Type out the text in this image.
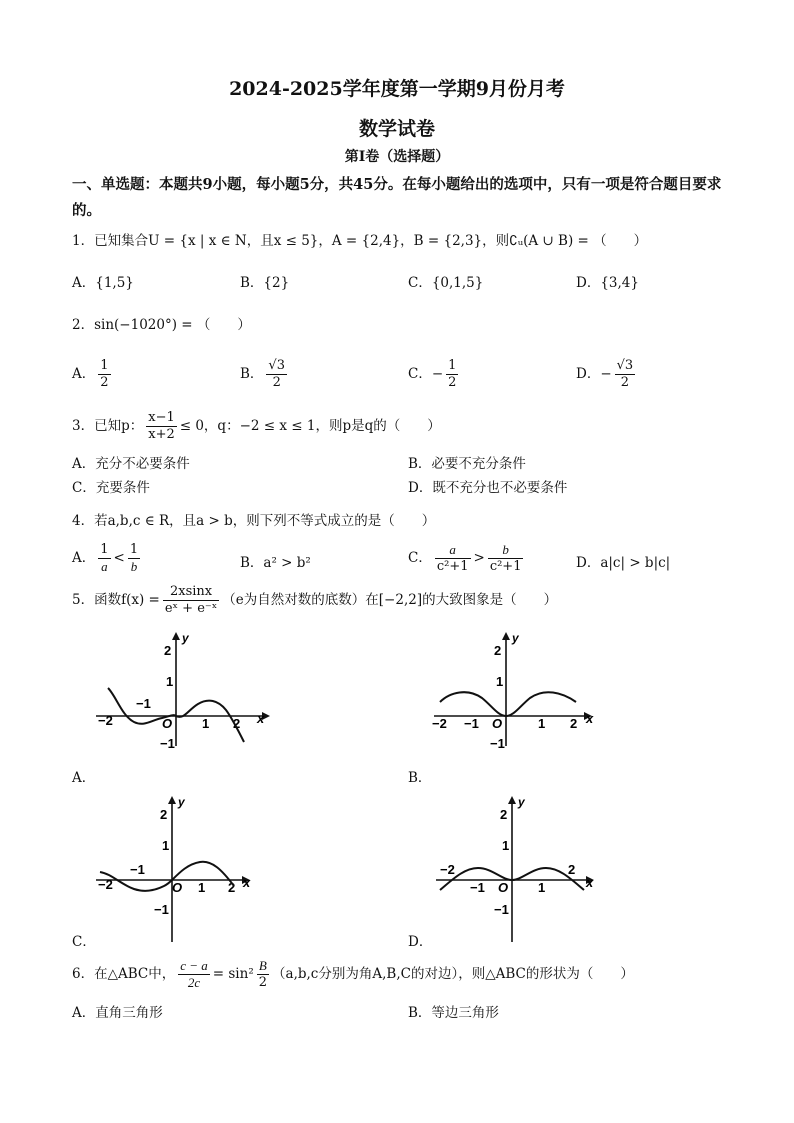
2024-2025学年度第一学期9月份月考
数学试卷
第Ⅰ卷（选择题）
一、单选题：本题共9小题，每小题5分，共45分。在每小题给出的选项中，只有一项是符合题目要求的。
1．已知集合U = {x | x ∈ N，且x ≤ 5}，A = {2,4}，B = {2,3}，则∁ᵤ(A ∪ B) = （　　）
A．{1,5}	B．{2}	C．{0,1,5}	D．{3,4}
2．sin(−1020°) = （　　）
A． $\frac{1}{2}$	B． $\frac{√3}{2}$	C．− $\frac{1}{2}$	D．− $\frac{√3}{2}$
3．已知p： $\frac{x-1}{x+2} \le 0$，q：−2 ≤ x ≤ 1，则p是q的（　　）
A．充分不必要条件	B．必要不充分条件
C．充要条件	D．既不充分也不必要条件
4．若a,b,c ∈ R，且a > b，则下列不等式成立的是（　　）
A． $\frac{1}{a} < \frac{1}{b}$	B．a² > b²	C． $\frac{a}{\text{c²+1}} > \frac{b}{\text{c²+1}}$	D．a|c| > b|c|
5．函数$f(x) = \frac{2xsinx}{\text{eˣ + e⁻ˣ}} (e$为自然对数的底数）在[−2,2]的大致图象是（　　）
x
y
O
−2
−1
1 2
2
1
−1
A．
x
y
O
−2 −1	1 2
2
1
−1
B．
x
y
O
−2
−1
1 2
2
1
−1
C．
x
y
O
−2
−1	1
2
2
1
−1
D．
6．在△ABC中， $\frac{c - a}{2c} = \sin^2 \frac{B}{2} (a,b,c$分别为角A,B,C的对边），则△ABC的形状为（　　）
A．直角三角形	B．等边三角形
